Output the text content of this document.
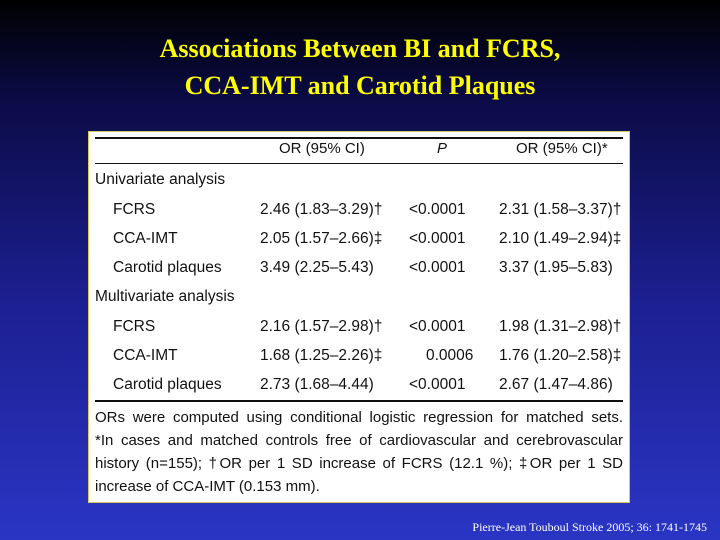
Associations Between BI and FCRS,
CCA-IMT and Carotid Plaques
OR (95% CI)	P	OR (95% CI)*
Univariate analysis
FCRS	2.46 (1.83–3.29)† <0.0001 2.31 (1.58–3.37)†
CCA-IMT	2.05 (1.57–2.66)‡ <0.0001 2.10 (1.49–2.94)‡
Carotid plaques 3.49 (2.25–5.43) <0.0001 3.37 (1.95–5.83)
Multivariate analysis
FCRS	2.16 (1.57–2.98)† <0.0001 1.98 (1.31–2.98)†
CCA-IMT	1.68 (1.25–2.26)‡	0.0006 1.76 (1.20–2.58)‡
Carotid plaques 2.73 (1.68–4.44) <0.0001 2.67 (1.47–4.86)

ORs were computed using conditional logistic regression for matched sets.

*In cases and matched controls free of cardiovascular and cerebrovascular

history (n=155); †OR per 1 SD increase of FCRS (12.1 %); ‡OR per 1 SD

increase of CCA-IMT (0.153 mm).

Pierre-Jean Touboul Stroke 2005; 36: 1741-1745
